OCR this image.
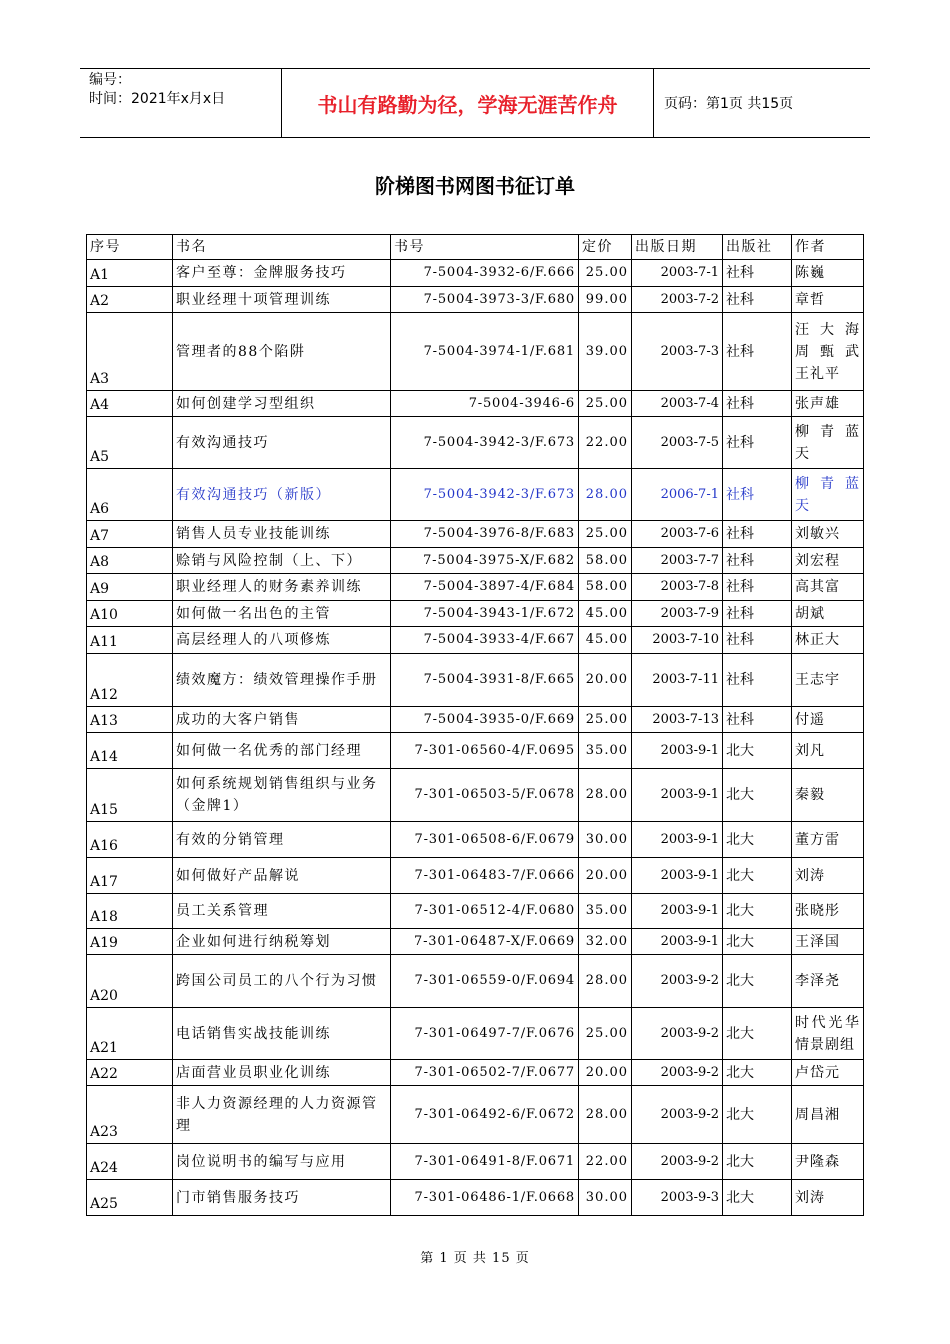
编号：
时间：2021年x月x日	书山有路勤为径，学海无涯苦作舟	页码：第1页 共15页
阶梯图书网图书征订单
序号	书名	书号	定价	出版日期	出版社	作者
A1	客户至尊：金牌服务技巧	7-5004-3932-6/F.666	25.00	2003-7-1	社科	陈巍
A2	职业经理十项管理训练	7-5004-3973-3/F.680	99.00	2003-7-2	社科	章哲
A3	管理者的88个陷阱	7-5004-3974-1/F.681	39.00	2003-7-3	社科	汪 大 海 周 甄 武 王礼平
A4	如何创建学习型组织	7-5004-3946-6	25.00	2003-7-4	社科	张声雄
A5	有效沟通技巧	7-5004-3942-3/F.673	22.00	2003-7-5	社科	柳 青 蓝 天
A6	有效沟通技巧（新版）	7-5004-3942-3/F.673	28.00	2006-7-1	社科	柳 青 蓝 天
A7	销售人员专业技能训练	7-5004-3976-8/F.683	25.00	2003-7-6	社科	刘敏兴
A8	赊销与风险控制（上、下）	7-5004-3975-X/F.682	58.00	2003-7-7	社科	刘宏程
A9	职业经理人的财务素养训练	7-5004-3897-4/F.684	58.00	2003-7-8	社科	高其富
A10	如何做一名出色的主管	7-5004-3943-1/F.672	45.00	2003-7-9	社科	胡斌
A11	高层经理人的八项修炼	7-5004-3933-4/F.667	45.00	2003-7-10	社科	林正大
A12	绩效魔方：绩效管理操作手册	7-5004-3931-8/F.665	20.00	2003-7-11	社科	王志宇
A13	成功的大客户销售	7-5004-3935-0/F.669	25.00	2003-7-13	社科	付遥
A14	如何做一名优秀的部门经理	7-301-06560-4/F.0695	35.00	2003-9-1	北大	刘凡
A15	如何系统规划销售组织与业务 （金牌1）	7-301-06503-5/F.0678	28.00	2003-9-1	北大	秦毅
A16	有效的分销管理	7-301-06508-6/F.0679	30.00	2003-9-1	北大	董方雷
A17	如何做好产品解说	7-301-06483-7/F.0666	20.00	2003-9-1	北大	刘涛
A18	员工关系管理	7-301-06512-4/F.0680	35.00	2003-9-1	北大	张晓彤
A19	企业如何进行纳税筹划	7-301-06487-X/F.0669	32.00	2003-9-1	北大	王泽国
A20	跨国公司员工的八个行为习惯	7-301-06559-0/F.0694	28.00	2003-9-2	北大	李泽尧
A21	电话销售实战技能训练	7-301-06497-7/F.0676	25.00	2003-9-2	北大	时代光华情景剧组
A22	店面营业员职业化训练	7-301-06502-7/F.0677	20.00	2003-9-2	北大	卢岱元
A23	非人力资源经理的人力资源管理	7-301-06492-6/F.0672	28.00	2003-9-2	北大	周昌湘
A24	岗位说明书的编写与应用	7-301-06491-8/F.0671	22.00	2003-9-2	北大	尹隆森
A25	门市销售服务技巧	7-301-06486-1/F.0668	30.00	2003-9-3	北大	刘涛
第 1 页 共 15 页
